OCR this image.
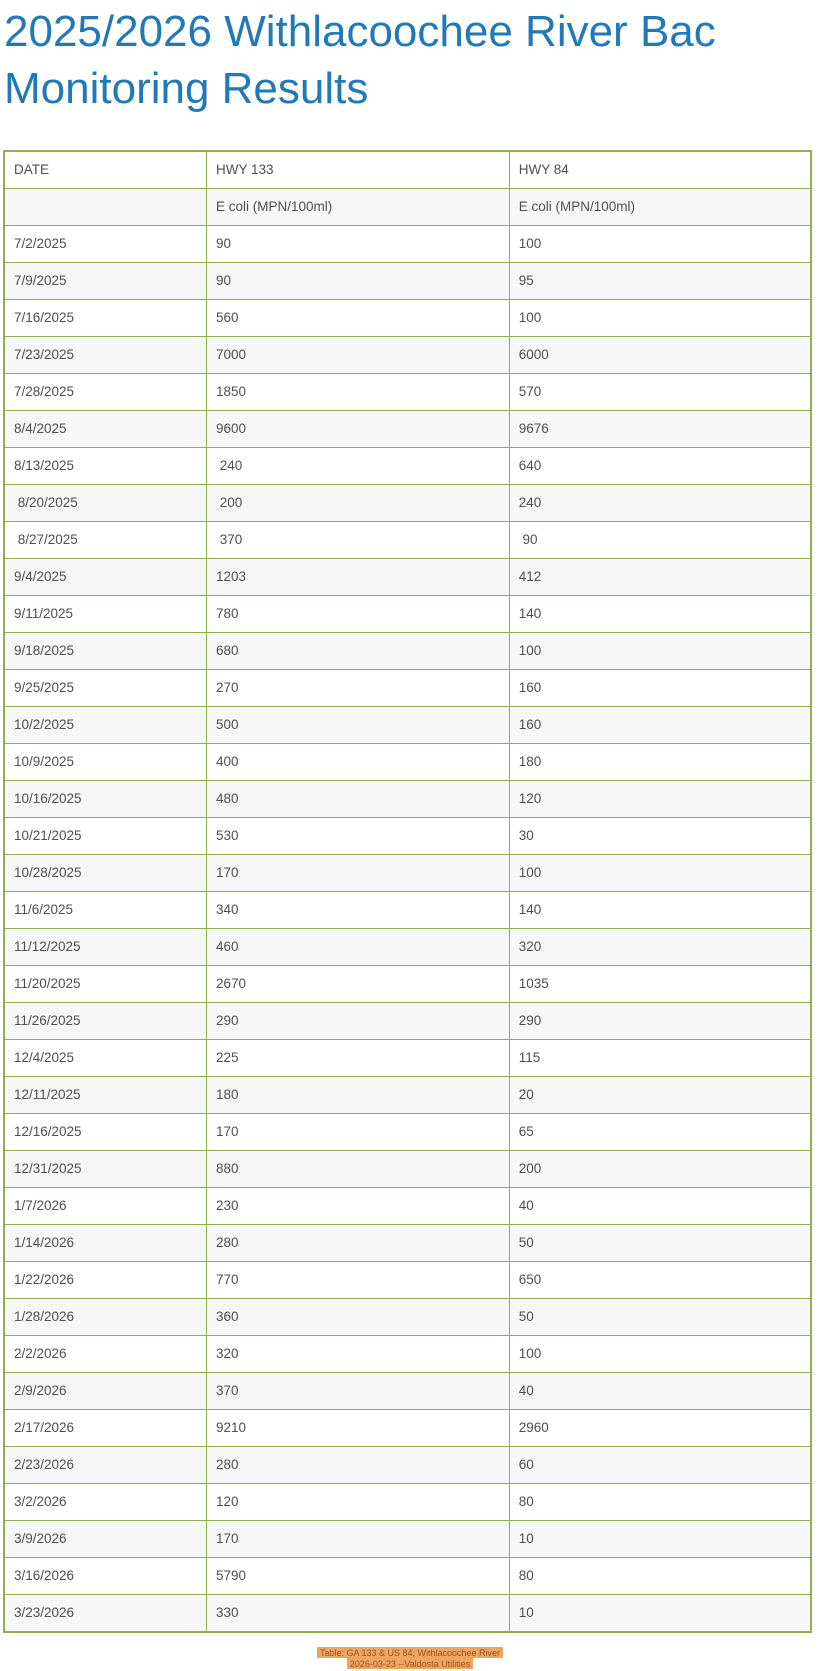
2025/2026 Withlacoochee River Bac
Monitoring Results
DATE	HWY 133	HWY 84
	E coli (MPN/100ml)	E coli (MPN/100ml)
7/2/2025	90	100
7/9/2025	90	95
7/16/2025	560	100
7/23/2025	7000	6000
7/28/2025	1850	570
8/4/2025	9600	9676
8/13/2025	240	640
8/20/2025	200	240
8/27/2025	370	90
9/4/2025	1203	412
9/11/2025	780	140
9/18/2025	680	100
9/25/2025	270	160
10/2/2025	500	160
10/9/2025	400	180
10/16/2025	480	120
10/21/2025	530	30
10/28/2025	170	100
11/6/2025	340	140
11/12/2025	460	320
11/20/2025	2670	1035
11/26/2025	290	290
12/4/2025	225	115
12/11/2025	180	20
12/16/2025	170	65
12/31/2025	880	200
1/7/2026	230	40
1/14/2026	280	50
1/22/2026	770	650
1/28/2026	360	50
2/2/2026	320	100
2/9/2026	370	40
2/17/2026	9210	2960
2/23/2026	280	60
3/2/2026	120	80
3/9/2026	170	10
3/16/2026	5790	80
3/23/2026	330	10
Table: GA 133 & US 84, Withlacoochee River
2026-03-23 --Valdosta Utilities
